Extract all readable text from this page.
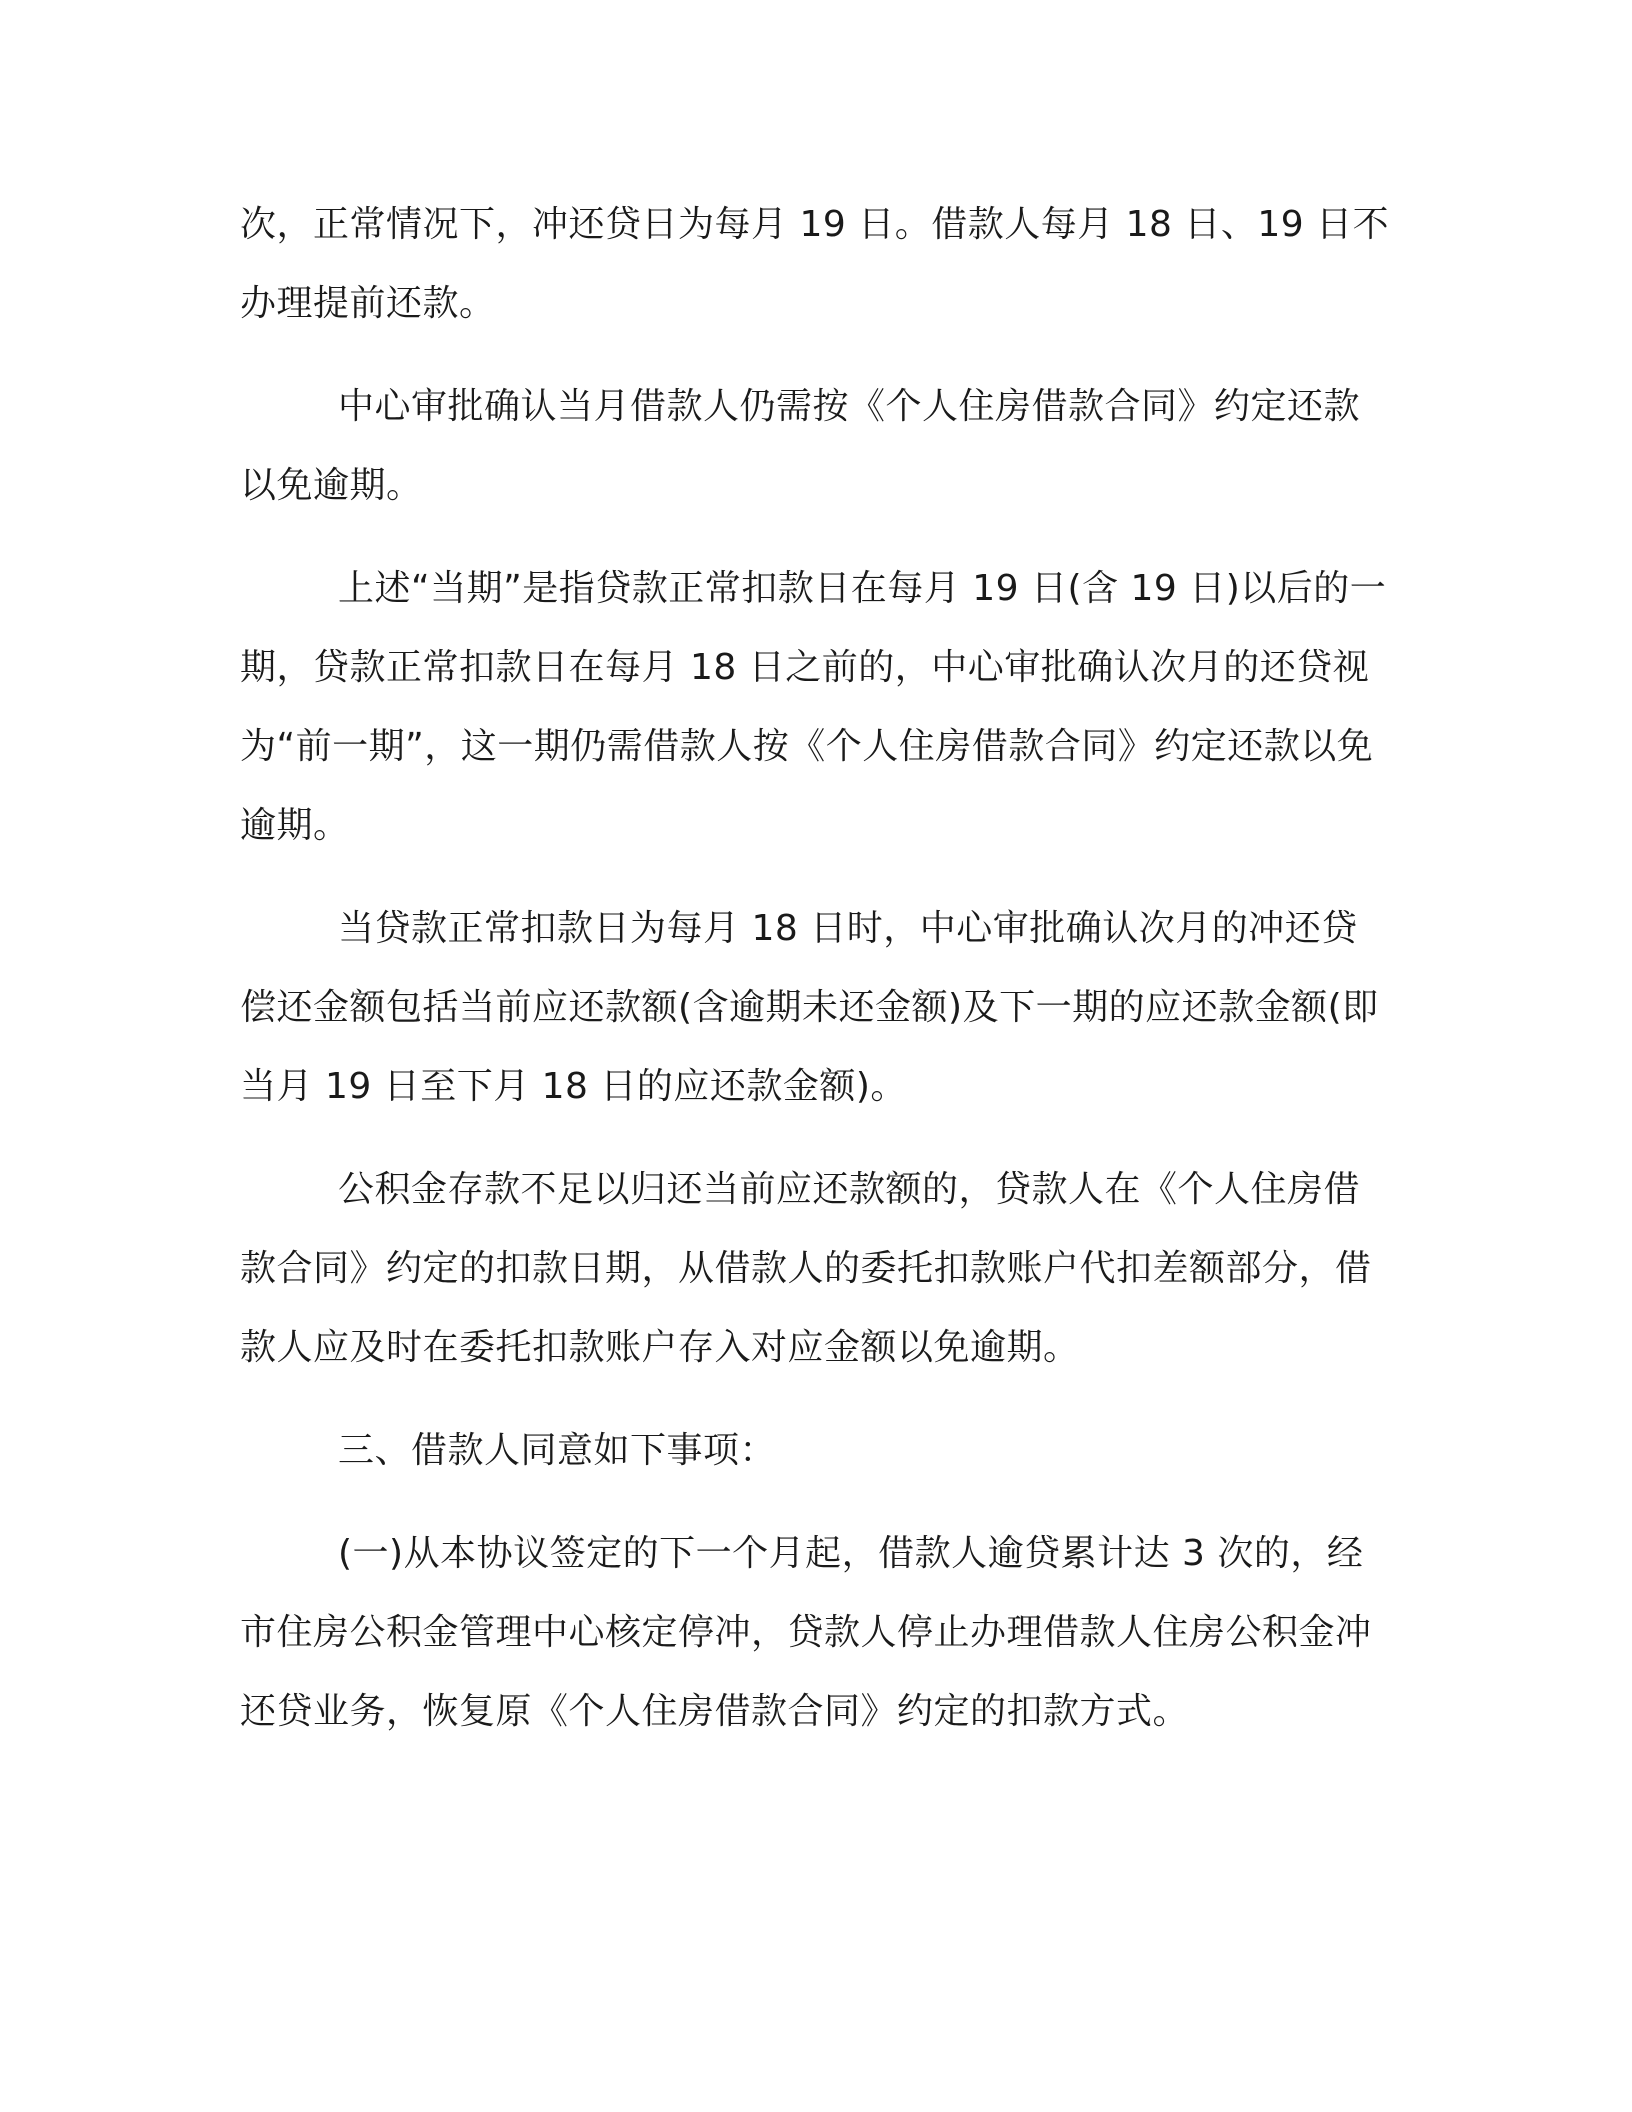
次，正常情况下，冲还贷日为每月 19 日。借款人每月 18 日、19 日不办理提前还款。

中心审批确认当月借款人仍需按《个人住房借款合同》约定还款以免逾期。

上述“当期”是指贷款正常扣款日在每月 19 日(含 19 日)以后的一期，贷款正常扣款日在每月 18 日之前的，中心审批确认次月的还贷视为“前一期”，这一期仍需借款人按《个人住房借款合同》约定还款以免逾期。

当贷款正常扣款日为每月 18 日时，中心审批确认次月的冲还贷偿还金额包括当前应还款额(含逾期未还金额)及下一期的应还款金额(即当月 19 日至下月 18 日的应还款金额)。

公积金存款不足以归还当前应还款额的，贷款人在《个人住房借款合同》约定的扣款日期，从借款人的委托扣款账户代扣差额部分，借款人应及时在委托扣款账户存入对应金额以免逾期。

三、借款人同意如下事项：

(一)从本协议签定的下一个月起，借款人逾贷累计达 3 次的，经市住房公积金管理中心核定停冲，贷款人停止办理借款人住房公积金冲还贷业务，恢复原《个人住房借款合同》约定的扣款方式。
